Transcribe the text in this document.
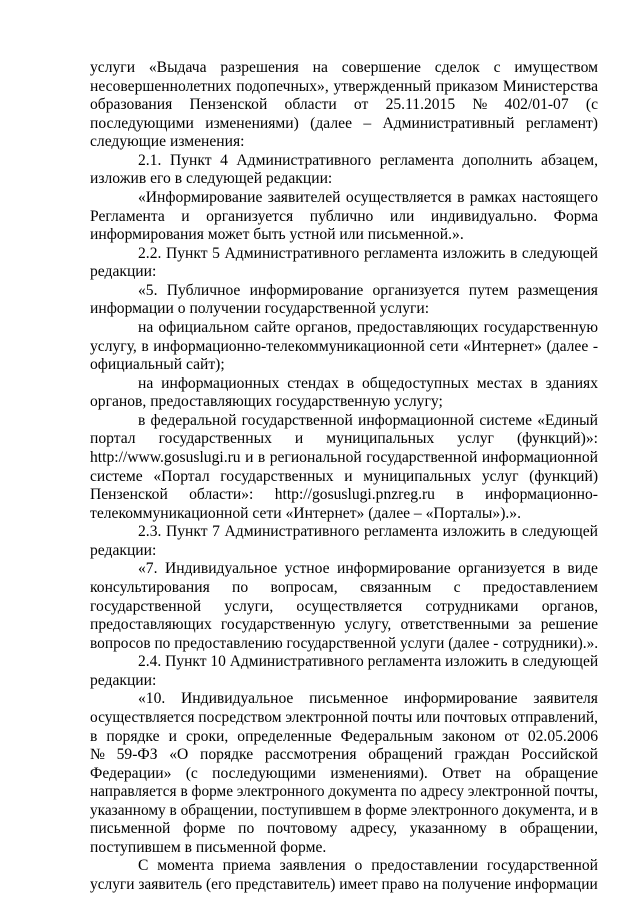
услуги «Выдача разрешения на совершение сделок с имуществом
несовершеннолетних подопечных», утвержденный приказом Министерства
образования Пензенской области от 25.11.2015 № 402/01-07 (с
последующими изменениями) (далее – Административный регламент)
следующие изменения:
2.1. Пункт 4 Административного регламента дополнить абзацем,
изложив его в следующей редакции:
«Информирование заявителей осуществляется в рамках настоящего
Регламента и организуется публично или индивидуально. Форма
информирования может быть устной или письменной.».
2.2. Пункт 5 Административного регламента изложить в следующей
редакции:
«5. Публичное информирование организуется путем размещения
информации о получении государственной услуги:
на официальном сайте органов, предоставляющих государственную
услугу, в информационно-телекоммуникационной сети «Интернет» (далее -
официальный сайт);
на информационных стендах в общедоступных местах в зданиях
органов, предоставляющих государственную услугу;
в федеральной государственной информационной системе «Единый
портал государственных и муниципальных услуг (функций)»:
http://www.gosuslugi.ru и в региональной государственной информационной
системе «Портал государственных и муниципальных услуг (функций)
Пензенской области»: http://gosuslugi.pnzreg.ru в информационно-
телекоммуникационной сети «Интернет» (далее – «Порталы»).».
2.3. Пункт 7 Административного регламента изложить в следующей
редакции:
«7. Индивидуальное устное информирование организуется в виде
консультирования по вопросам, связанным с предоставлением
государственной услуги, осуществляется сотрудниками органов,
предоставляющих государственную услугу, ответственными за решение
вопросов по предоставлению государственной услуги (далее - сотрудники).».
2.4. Пункт 10 Административного регламента изложить в следующей
редакции:
«10. Индивидуальное письменное информирование заявителя
осуществляется посредством электронной почты или почтовых отправлений,
в порядке и сроки, определенные Федеральным законом от 02.05.2006
№ 59-ФЗ «О порядке рассмотрения обращений граждан Российской
Федерации» (с последующими изменениями). Ответ на обращение
направляется в форме электронного документа по адресу электронной почты,
указанному в обращении, поступившем в форме электронного документа, и в
письменной форме по почтовому адресу, указанному в обращении,
поступившем в письменной форме.
С момента приема заявления о предоставлении государственной
услуги заявитель (его представитель) имеет право на получение информации
